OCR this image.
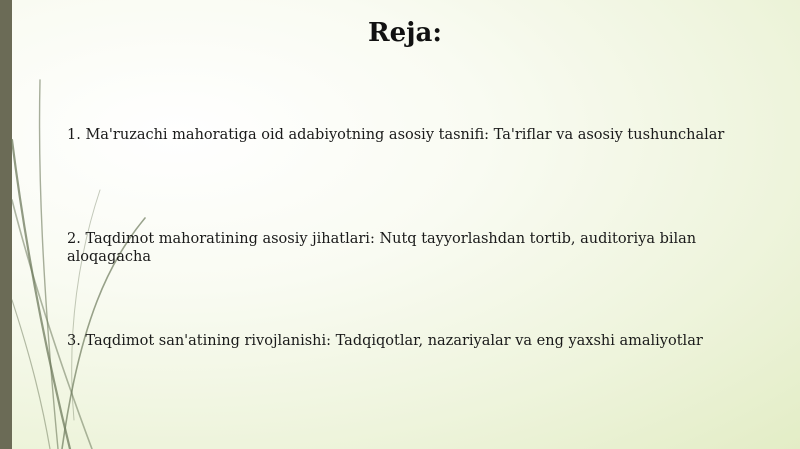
Reja:
1. Ma'ruzachi mahoratiga oid adabiyotning asosiy tasnifi: Ta'riflar va asosiy tushunchalar
2. Taqdimot mahoratining asosiy jihatlari: Nutq tayyorlashdan tortib, auditoriya bilan aloqagacha
3. Taqdimot san'atining rivojlanishi: Tadqiqotlar, nazariyalar va eng yaxshi amaliyotlar
